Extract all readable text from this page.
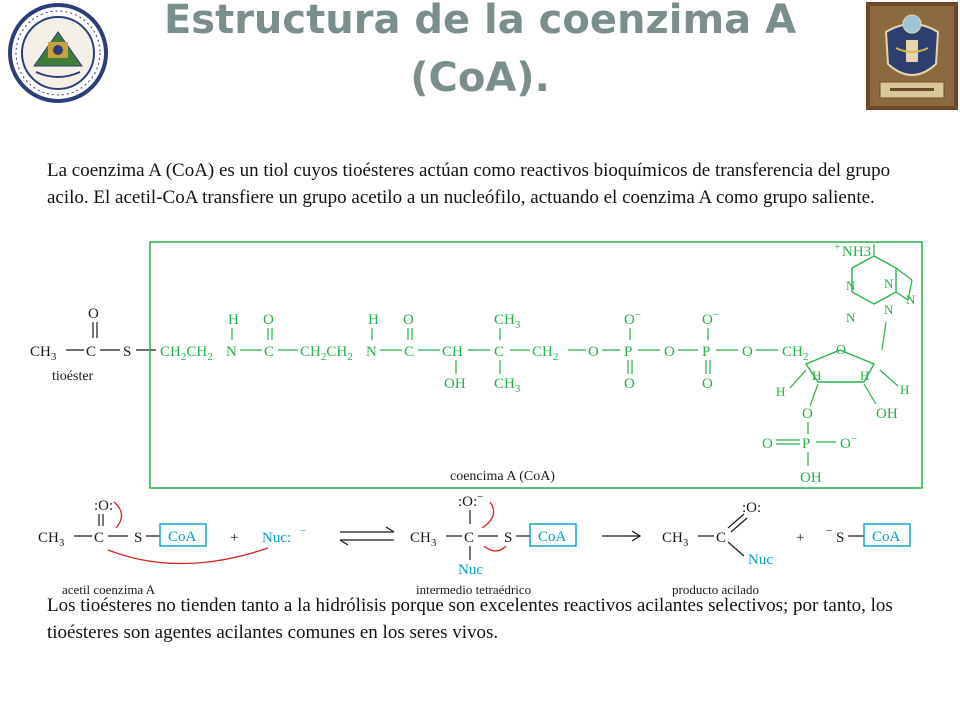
Estructura de la coenzima A
(CoA).

La coenzima A (CoA) es un tiol cuyos tioésteres actúan como reactivos bioquímicos de transferencia del grupo acilo. El acetil-CoA transfiere un grupo acetilo a un nucleófilo, actuando el coenzima A como grupo saliente.

$CH_3$ C
O
S
tioéster
coencima A (CoA)
$CH_2CH_2$ N
H
C
O
$CH_2CH_2$ N
H
C
O
CH
OH
C
$CH_3$
$CH_3$
$CH_2$ O P
O−
O
O P
O−
O
O $CH_2$ O
H	H
H	H
O	OH
O P O−
OH
N
N
N
N
N
+ NH3
$CH_3$ C
:O:
S CoA + Nuc: −	$CH_3$ C
:O:−
Nuc
S CoA	$CH_3$ C
:O:
Nuc
+ − S CoA
acetil coenzima A	intermedio tetraédrico	producto acilado

Los tioésteres no tienden tanto a la hidrólisis porque son excelentes reactivos acilantes selectivos; por tanto, los tioésteres son agentes acilantes comunes en los seres vivos.
